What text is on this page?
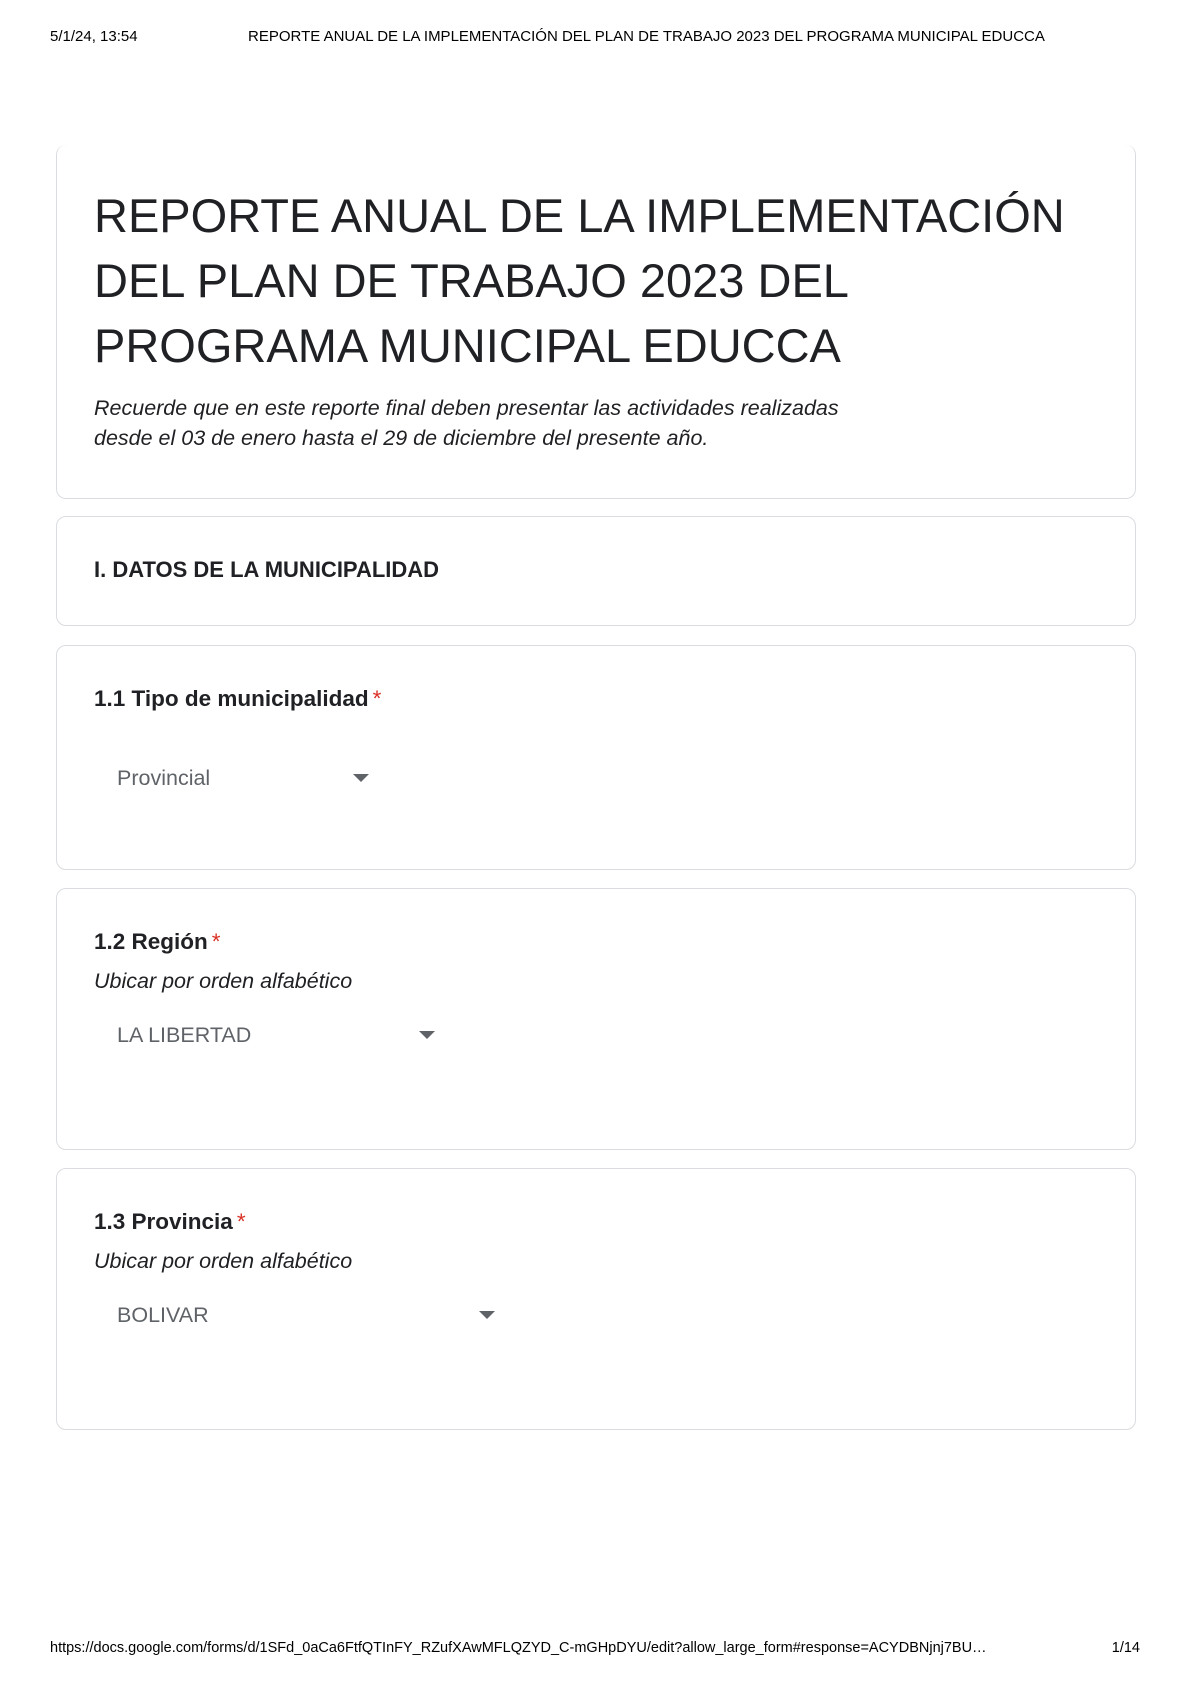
5/1/24, 13:54	REPORTE ANUAL DE LA IMPLEMENTACIÓN DEL PLAN DE TRABAJO 2023 DEL PROGRAMA MUNICIPAL EDUCCA
REPORTE ANUAL DE LA IMPLEMENTACIÓN DEL PLAN DE TRABAJO 2023 DEL PROGRAMA MUNICIPAL EDUCCA
Recuerde que en este reporte final deben presentar las actividades realizadas
desde el 03 de enero hasta el 29 de diciembre del presente año.
I. DATOS DE LA MUNICIPALIDAD
1.1 Tipo de municipalidad *
Provincial
1.2 Región *
Ubicar por orden alfabético
LA LIBERTAD
1.3 Provincia *
Ubicar por orden alfabético
BOLIVAR
https://docs.google.com/forms/d/1SFd_0aCa6FtfQTInFY_RZufXAwMFLQZYD_C-mGHpDYU/edit?allow_large_form#response=ACYDBNjnj7BU…	1/14
